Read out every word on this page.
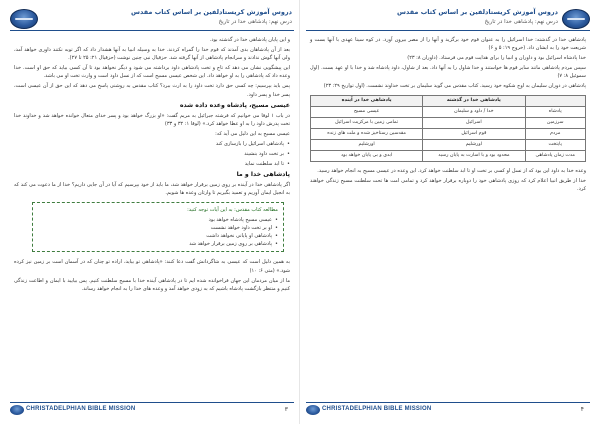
دروس آموزش کریستادلفین بر اساس کتاب مقدس
درس نهم: پادشاهی خدا در تاریخ

و این پایان پادشاهی خدا در گذشته بود.

بعد از آن پادشاهان بدی آمدند که قوم خدا را گمراه کردند. خدا به وسیله انبیا به آنها هشدار داد که اگر توبه نکنند داوری خواهد آمد، ولی آنها گوش ندادند و سرانجام پادشاهی از آنها گرفته شد. حزقیال نبی چنین نوشت (حزقیال ۲۱: ۲۵ تا ۲۷).

این پیشگویی نشان می دهد که تاج و تخت پادشاهی داود برداشته می شود و دیگر نخواهد بود تا آن کسی بیاید که حق او است. خدا وعده داد که پادشاهی را به او خواهد داد. این شخص عیسی مسیح است که از نسل داود است و وارث تخت او می باشد.

پس باید بپرسیم: چه کسی حق دارد تخت داود را به ارث ببرد؟ کتاب مقدس به روشنی پاسخ می دهد که این حق از آن عیسی است، پسر خدا و پسر داود.

عیسی مسیح، پادشاه وعده داده شده

در باب ۱ لوقا می خوانیم که فرشته جبرائیل به مریم گفت: «او بزرگ خواهد بود و پسر خدای متعال خوانده خواهد شد و خداوند خدا تخت پدرش داود را به او عطا خواهد کرد.» (لوقا ۱: ۳۲ و ۳۳)

عیسی مسیح به این دلیل می آید که:

• پادشاهی اسرائیل را بازسازی کند

• بر تخت داود بنشیند

• تا ابد سلطنت نماید

پادشاهی خدا و ما

اگر پادشاهی خدا در آینده بر روی زمین برقرار خواهد شد، ما باید از خود بپرسیم که آیا در آن جایی داریم؟ خدا از ما دعوت می کند که به انجیل ایمان آوریم و تعمید بگیریم تا وارثان وعده ها شویم.

مطالعه کتاب مقدس: به این آیات توجه کنید:
• عیسی مسیح پادشاه خواهد بود
• او بر تخت داود خواهد نشست
• پادشاهی او پایانی نخواهد داشت
• پادشاهی بر روی زمین برقرار خواهد شد

به همین دلیل است که عیسی به شاگردانش گفت دعا کنند: «پادشاهی تو بیاید، اراده تو چنان که در آسمان است بر زمین نیز کرده شود.» (متی ۶: ۱۰)

ما از میان مردمان این جهان فراخوانده شده ایم تا در پادشاهی آینده خدا با مسیح سلطنت کنیم. پس بیایید با ایمان و اطاعت زندگی کنیم و منتظر بازگشت پادشاه باشیم که به زودی خواهد آمد و وعده های خدا را به انجام خواهد رساند.

CHRISTADELPHIAN BIBLE MISSION	۳
دروس آموزش کریستادلفین بر اساس کتاب مقدس
درس نهم: پادشاهی خدا در تاریخ

پادشاهی خدا در گذشته: خدا اسرائیل را به عنوان قوم خود برگزید و آنها را از مصر بیرون آورد. در کوه سینا عهدی با آنها بست و شریعت خود را به ایشان داد. (خروج ۱۹: ۵ و ۶)

خدا پادشاه اسرائیل بود و داوران و انبیا را برای هدایت قوم می فرستاد. (داوران ۸: ۲۳)

سپس مردم پادشاهی مانند سایر قوم ها خواستند و خدا شاول را به آنها داد. بعد از شاول، داود پادشاه شد و خدا با او عهد بست. (اول سموئیل ۸: ۷)

پادشاهی در دوران سلیمان به اوج شکوه خود رسید. کتاب مقدس می گوید سلیمان بر تخت خداوند نشست. (اول تواریخ ۲۹: ۲۳)

	پادشاهی خدا در گذشته	پادشاهی خدا در آینده
پادشاه	خدا / داود و سلیمان	عیسی مسیح
سرزمین	اسرائیل	تمامی زمین با مرکزیت اسرائیل
مردم	قوم اسرائیل	مقدسین رستاخیز شده و ملت های زنده
پایتخت	اورشلیم	اورشلیم
مدت زمان پادشاهی	محدود بود و با اسارت به پایان رسید	ابدی و بی پایان خواهد بود

وعده خدا به داود این بود که از نسل او کسی بر تخت او تا ابد سلطنت خواهد کرد. این وعده در عیسی مسیح به انجام خواهد رسید.

خدا از طریق انبیا اعلام کرد که روزی پادشاهی خود را دوباره برقرار خواهد کرد و تمامی امت ها تحت سلطنت مسیح زندگی خواهند کرد.

CHRISTADELPHIAN BIBLE MISSION	۴
